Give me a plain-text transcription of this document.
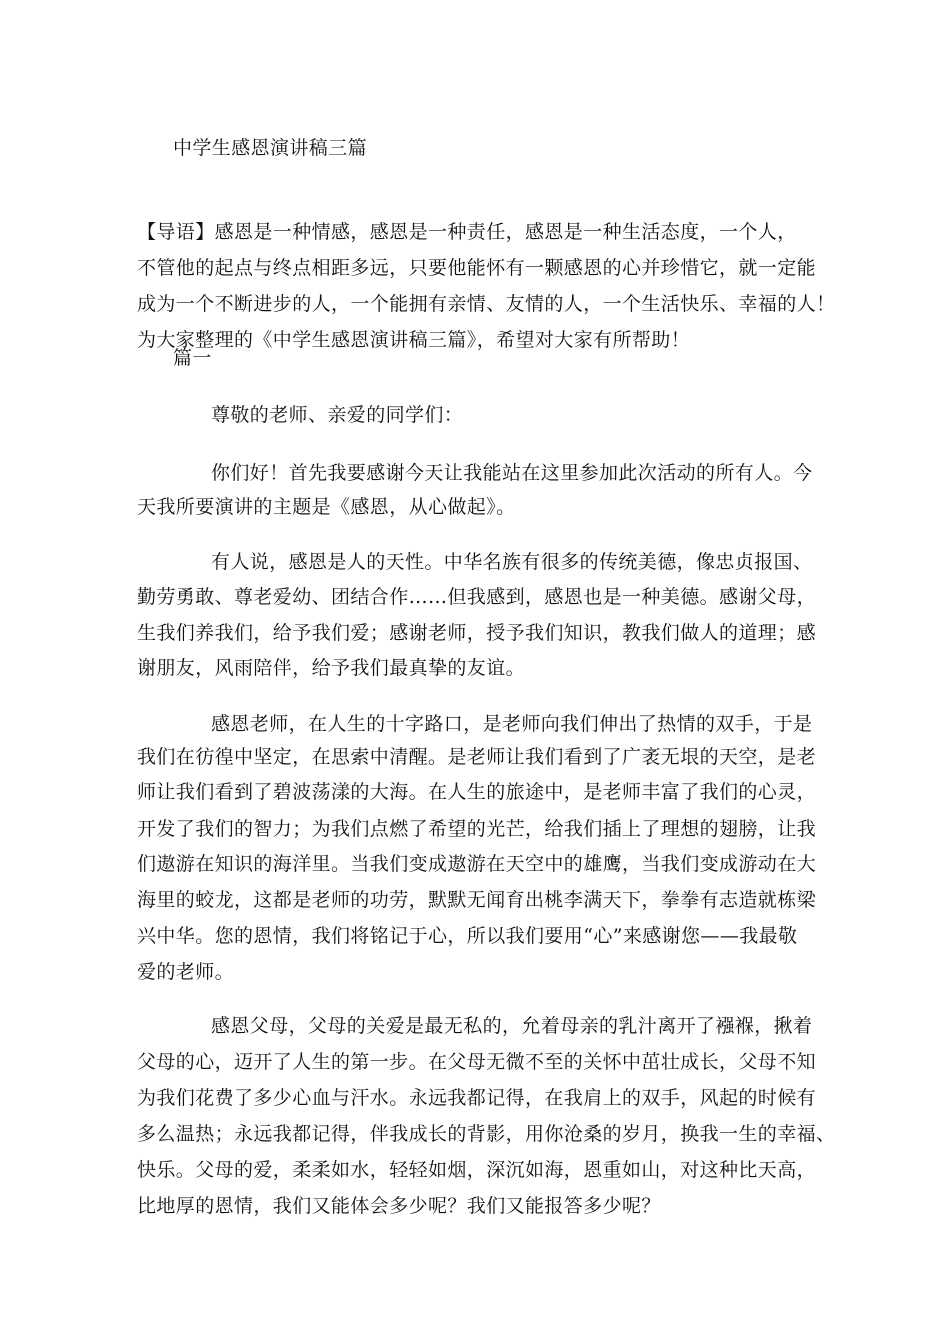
中学生感恩演讲稿三篇
【导语】感恩是一种情感，感恩是一种责任，感恩是一种生活态度，一个人，
不管他的起点与终点相距多远，只要他能怀有一颗感恩的心并珍惜它，就一定能
成为一个不断进步的人，一个能拥有亲情、友情的人，一个生活快乐、幸福的人！
为大家整理的《中学生感恩演讲稿三篇》，希望对大家有所帮助！
篇一
尊敬的老师、亲爱的同学们：
你们好！首先我要感谢今天让我能站在这里参加此次活动的所有人。今
天我所要演讲的主题是《感恩，从心做起》。
有人说，感恩是人的天性。中华名族有很多的传统美德，像忠贞报国、
勤劳勇敢、尊老爱幼、团结合作……但我感到，感恩也是一种美德。感谢父母，
生我们养我们，给予我们爱；感谢老师，授予我们知识，教我们做人的道理；感
谢朋友，风雨陪伴，给予我们最真挚的友谊。
感恩老师，在人生的十字路口，是老师向我们伸出了热情的双手，于是
我们在彷徨中坚定，在思索中清醒。是老师让我们看到了广袤无垠的天空，是老
师让我们看到了碧波荡漾的大海。在人生的旅途中，是老师丰富了我们的心灵，
开发了我们的智力；为我们点燃了希望的光芒，给我们插上了理想的翅膀，让我
们遨游在知识的海洋里。当我们变成遨游在天空中的雄鹰，当我们变成游动在大
海里的蛟龙，这都是老师的功劳，默默无闻育出桃李满天下，拳拳有志造就栋梁
兴中华。您的恩情，我们将铭记于心，所以我们要用“心”来感谢您——我最敬
爱的老师。
感恩父母，父母的关爱是最无私的，允着母亲的乳汁离开了襁褓，揪着
父母的心，迈开了人生的第一步。在父母无微不至的关怀中茁壮成长，父母不知
为我们花费了多少心血与汗水。永远我都记得，在我肩上的双手，风起的时候有
多么温热；永远我都记得，伴我成长的背影，用你沧桑的岁月，换我一生的幸福、
快乐。父母的爱，柔柔如水，轻轻如烟，深沉如海，恩重如山，对这种比天高，
比地厚的恩情，我们又能体会多少呢？我们又能报答多少呢？
